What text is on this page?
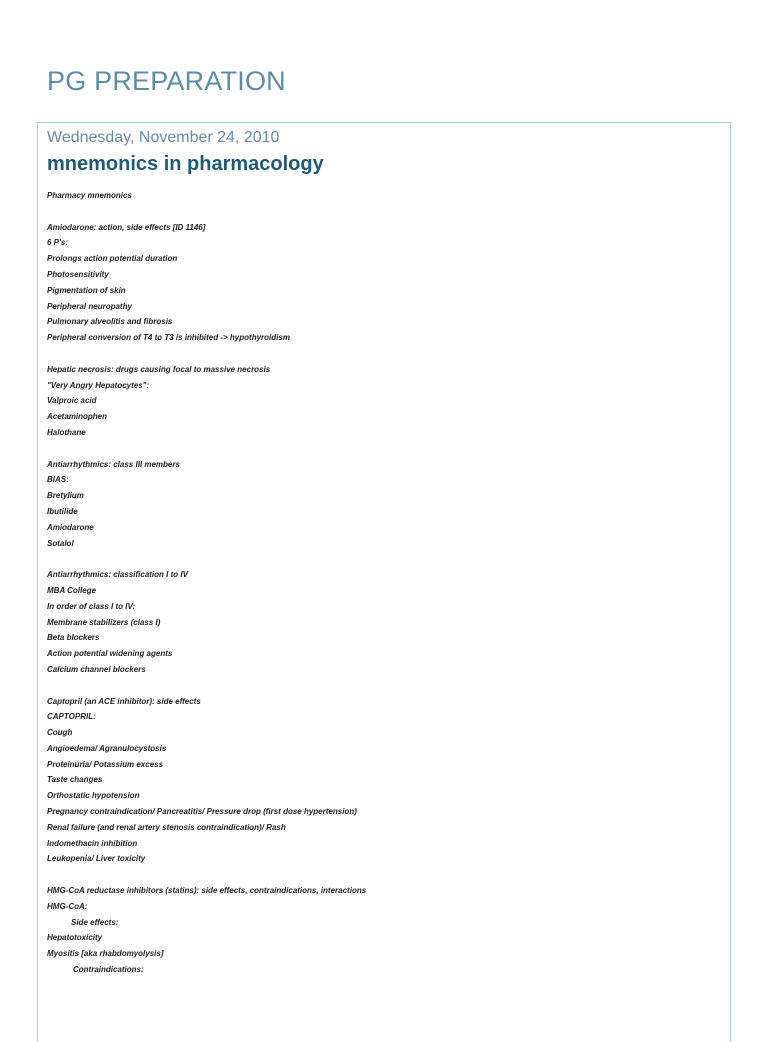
PG PREPARATION
Wednesday, November 24, 2010
mnemonics in pharmacology
Pharmacy mnemonics
Amiodarone: action, side effects [ID 1146]
6 P's:
Prolongs action potential duration
Photosensitivity
Pigmentation of skin
Peripheral neuropathy
Pulmonary alveolitis and fibrosis
Peripheral conversion of T4 to T3 is inhibited -> hypothyroidism
Hepatic necrosis: drugs causing focal to massive necrosis
"Very Angry Hepatocytes":
Valproic acid
Acetaminophen
Halothane
Antiarrhythmics: class III members
BIAS:
Bretylium
Ibutilide
Amiodarone
Sotalol
Antiarrhythmics: classification I to IV
MBA College
In order of class I to IV:
Membrane stabilizers (class I)
Beta blockers
Action potential widening agents
Calcium channel blockers
Captopril (an ACE inhibitor): side effects
CAPTOPRIL:
Cough
Angioedema/ Agranulocystosis
Proteinuria/ Potassium excess
Taste changes
Orthostatic hypotension
Pregnancy contraindication/ Pancreatitis/ Pressure drop (first dose hypertension)
Renal failure (and renal artery stenosis contraindication)/ Rash
Indomethacin inhibition
Leukopenia/ Liver toxicity
HMG-CoA reductase inhibitors (statins): side effects, contraindications, interactions
HMG-CoA:
Side effects:
Hepatotoxicity
Myositis [aka rhabdomyolysis]
Contraindications:
